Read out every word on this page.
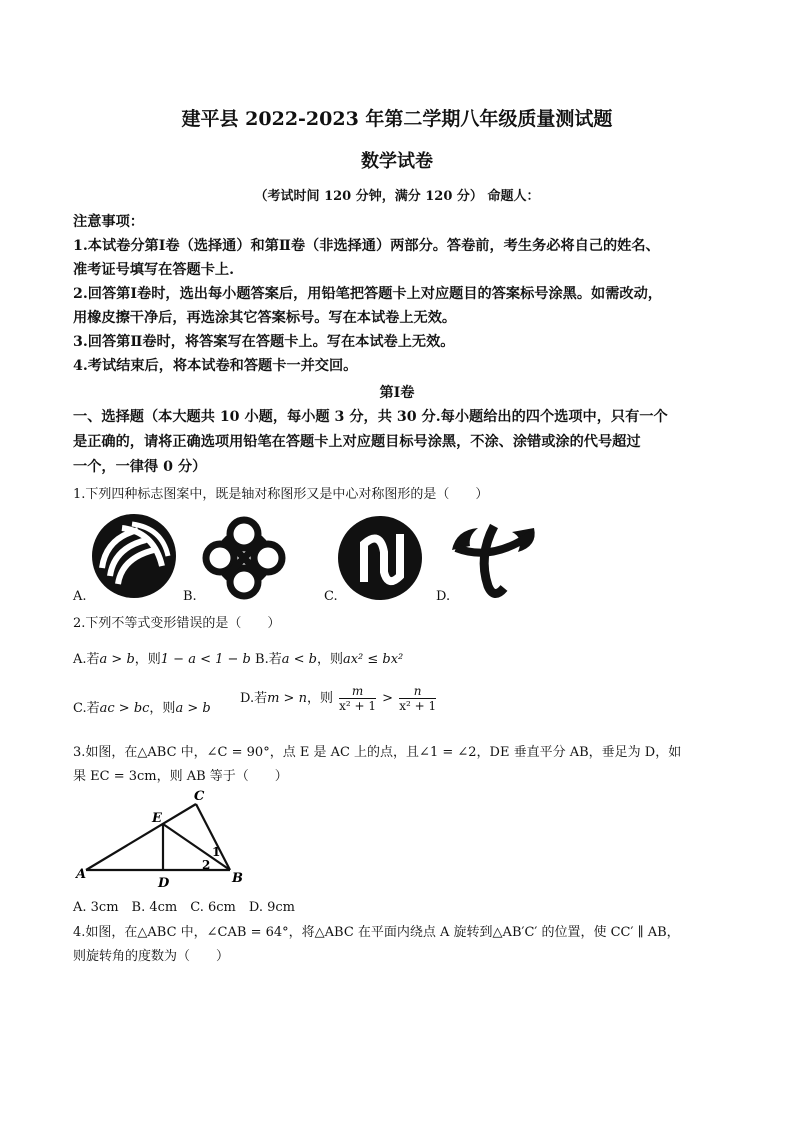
建平县 2022-2023 年第二学期八年级质量测试题
数学试卷
（考试时间 120 分钟，满分 120 分） 命题人：
注意事项：
1.本试卷分第Ⅰ卷（选择通）和第Ⅱ卷（非选择通）两部分。答卷前，考生务必将自己的姓名、
准考证号填写在答题卡上.
2.回答第Ⅰ卷时，选出每小题答案后，用铅笔把答题卡上对应题目的答案标号涂黑。如需改动，
用橡皮擦干净后，再选涂其它答案标号。写在本试卷上无效。
3.回答第Ⅱ卷时，将答案写在答题卡上。写在本试卷上无效。
4.考试结束后，将本试卷和答题卡一并交回。
第Ⅰ卷
一、选择题（本大题共 10 小题，每小题 3 分，共 30 分.每小题给出的四个选项中，只有一个
是正确的，请将正确选项用铅笔在答题卡上对应题目标号涂黑，不涂、涂错或涂的代号超过
一个，一律得 0 分）
1.下列四种标志图案中，既是轴对称图形又是中心对称图形的是（　　）
A.	B.	C.	D.
2.下列不等式变形错误的是（　　）
A.若a > b，则1 − a < 1 − b B.若a < b，则ax² ≤ bx²
C.若ac > bc，则a > b
D.若m > n，则 $\frac{m}{\text{x² + 1}} > \frac{n}{\text{x² + 1}}$
3.如图，在△ABC 中，∠C = 90°，点 E 是 AC 上的点，且∠1 = ∠2，DE 垂直平分 AB，垂足为 D，如
果 EC = 3cm，则 AB 等于（　　）
A	B
C
D
E
1
2
A. 3cm　B. 4cm　C. 6cm　D. 9cm
4.如图，在△ABC 中，∠CAB = 64°，将△ABC 在平面内绕点 A 旋转到△AB′C′ 的位置，使 CC′ ∥ AB，
则旋转角的度数为（　　）
